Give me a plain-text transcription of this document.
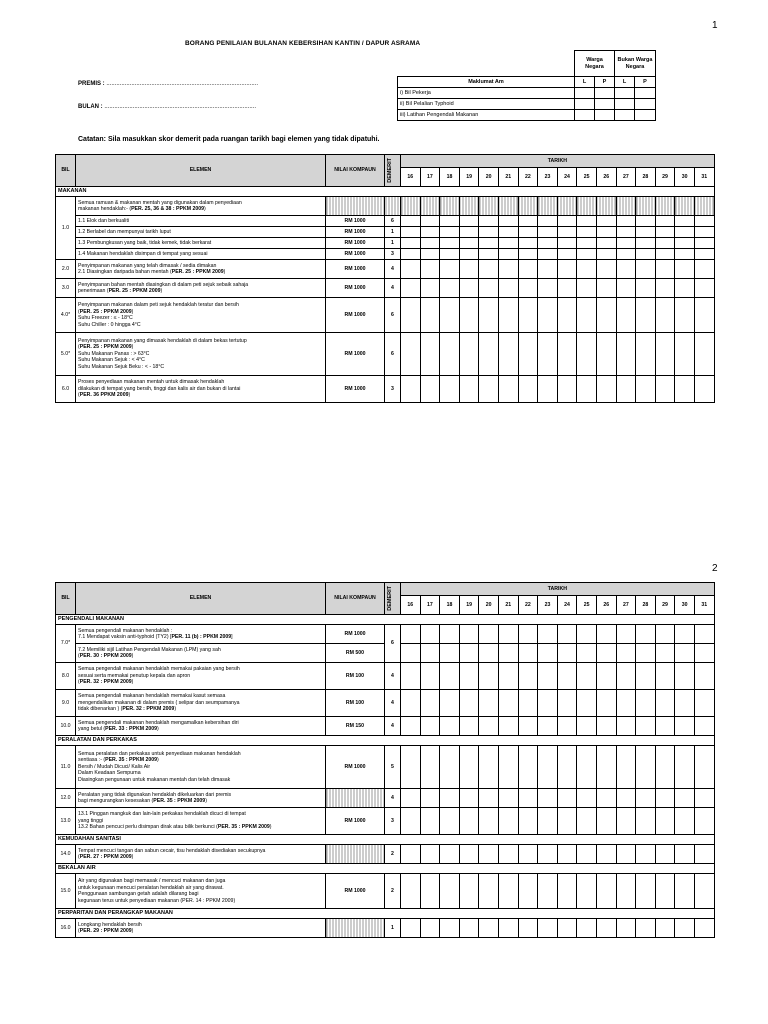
1
BORANG PENILAIAN BULANAN KEBERSIHAN KANTIN / DAPUR ASRAMA
PREMIS : ...........................................................................................
BULAN : ...........................................................................................
	Warga Negara		Bukan Warga Negara	
Maklumat Am	L	P	L	P
i) Bil Pekerja				
ii) Bil Pelalian Typhoid				
iii) Latihan Pengendali Makanan				
Catatan: Sila masukkan skor demerit pada ruangan tarikh bagi elemen yang tidak dipatuhi.
BIL	ELEMEN	NILAI KOMPAUN	DEMERIT	TARIKH															
				16	17	18	19	20	21	22	23	24	25	26	27	28	29	30	31
MAKANAN																			
1.0	Semua ramuan & makanan mentah yang digunakan dalam penyediaan
makanan hendaklah:- (PER. 25, 36 & 38 : PPKM 2009)																		

	1.1 Elok dan berkualiti	RM 1000	6																

	1.2 Berlabel dan mempunyai tarikh luput	RM 1000	1																

	1.3 Pembungkusan yang baik, tidak kemek, tidak berkarat	RM 1000	1																

	1.4 Makanan hendaklah disimpan di tempat yang sesuai	RM 1000	3																
2.0	Penyimpanan makanan yang telah dimasak / sedia dimakan
2.1 Diasingkan daripada bahan mentah (PER. 25 : PPKM 2009)	RM 1000	4																
3.0	Penyimpanan bahan mentah diasingkan di dalam peti sejuk sebaik sahaja
penerimaan (PER. 25 : PPKM 2009)	RM 1000	4																
4.0*	Penyimpanan makanan dalam peti sejuk hendaklah teratur dan bersih
(PER. 25 : PPKM 2009)
Suhu Freezer : ≤ - 18°C
Suhu Chiller : 0 hingga 4°C	RM 1000	6																
5.0*	Penyimpanan makanan yang dimasak hendaklah di dalam bekas tertutup
(PER. 25 : PPKM 2009)
Suhu Makanan Panas : > 63°C
Suhu Makanan Sejuk : < 4°C
Suhu Makanan Sejuk Beku : < - 18°C	RM 1000	6																
6.0	Proses penyediaan makanan mentah untuk dimasak hendaklah
dilakukan di tempat yang bersih, tinggi dan kalis air dan bukan di lantai
(PER. 36 PPKM 2009)	RM 1000	3																
2
BIL	ELEMEN	NILAI KOMPAUN	DEMERIT	TARIKH															
				16	17	18	19	20	21	22	23	24	25	26	27	28	29	30	31
PENGENDALI MAKANAN																			
7.0*	Semua pengendali makanan hendaklah :
7.1 Mendapat vaksin anti-typhoid (TY2) [PER. 11 (b) : PPKM 2009]	RM 1000	6																

	7.2 Memiliki sijil Latihan Pengendali Makanan (LPM) yang sah
(PER. 30 : PPKM 2009)	RM 500																	
8.0	Semua pengendali makanan hendaklah memakai pakaian yang bersih
sesuai serta memakai penutup kepala dan apron
(PER. 32 : PPKM 2009)	RM 100	4																
9.0	Semua pengendali makanan hendaklah memakai kasut semasa
mengendalikan makanan di dalam premis ( selipar dan seumpamanya
tidak dibenarkan ) (PER. 32 : PPKM 2009)	RM 100	4																
10.0	Semua pengendali makanan hendaklah mengamalkan kebersihan diri
yang betul (PER. 33 : PPKM 2009)	RM 150	4																
PERALATAN DAN PERKAKAS																			
11.0	Semua peralatan dan perkakas untuk penyediaan makanan hendaklah
sentiasa :- (PER. 35 : PPKM 2009)
Bersih / Mudah Dicuci/ Kalis Air
Dalam Keadaan Sempurna
Diasingkan pengunaan untuk makanan mentah dan telah dimasak	RM 1000	5																
12.0	Peralatan yang tidak digunakan hendaklah dikeluarkan dari premis
bagi mengurangkan kesesakan (PER. 35 : PPKM 2009)		4																
13.0	13.1 Pinggan mangkuk dan lain-lain perkakas hendaklah dicuci di tempat
yang tinggi
13.2 Bahan pencuci perlu disimpan dirak atau bilik berkunci (PER. 35 : PPKM 2009)	RM 1000	3																
KEMUDAHAN SANITASI																			
14.0	Tempat mencuci tangan dan sabun cecair, tisu hendaklah disediakan secukupnya
(PER. 27 : PPKM 2009)		2																
BEKALAN AIR																			
15.0	Air yang digunakan bagi memasak / mencuci makanan dan juga
untuk kegunaan mencuci peralatan hendaklah air yang dirawat.
Penggunaan sambungan getah adalah dilarang bagi
kegunaan terus untuk penyediaan makanan (PER. 14 : PPKM 2009)	RM 1000	2																
PERPARITAN DAN PERANGKAP MAKANAN																			
16.0	Longkang hendaklah bersih
(PER. 29 : PPKM 2009)		1																
